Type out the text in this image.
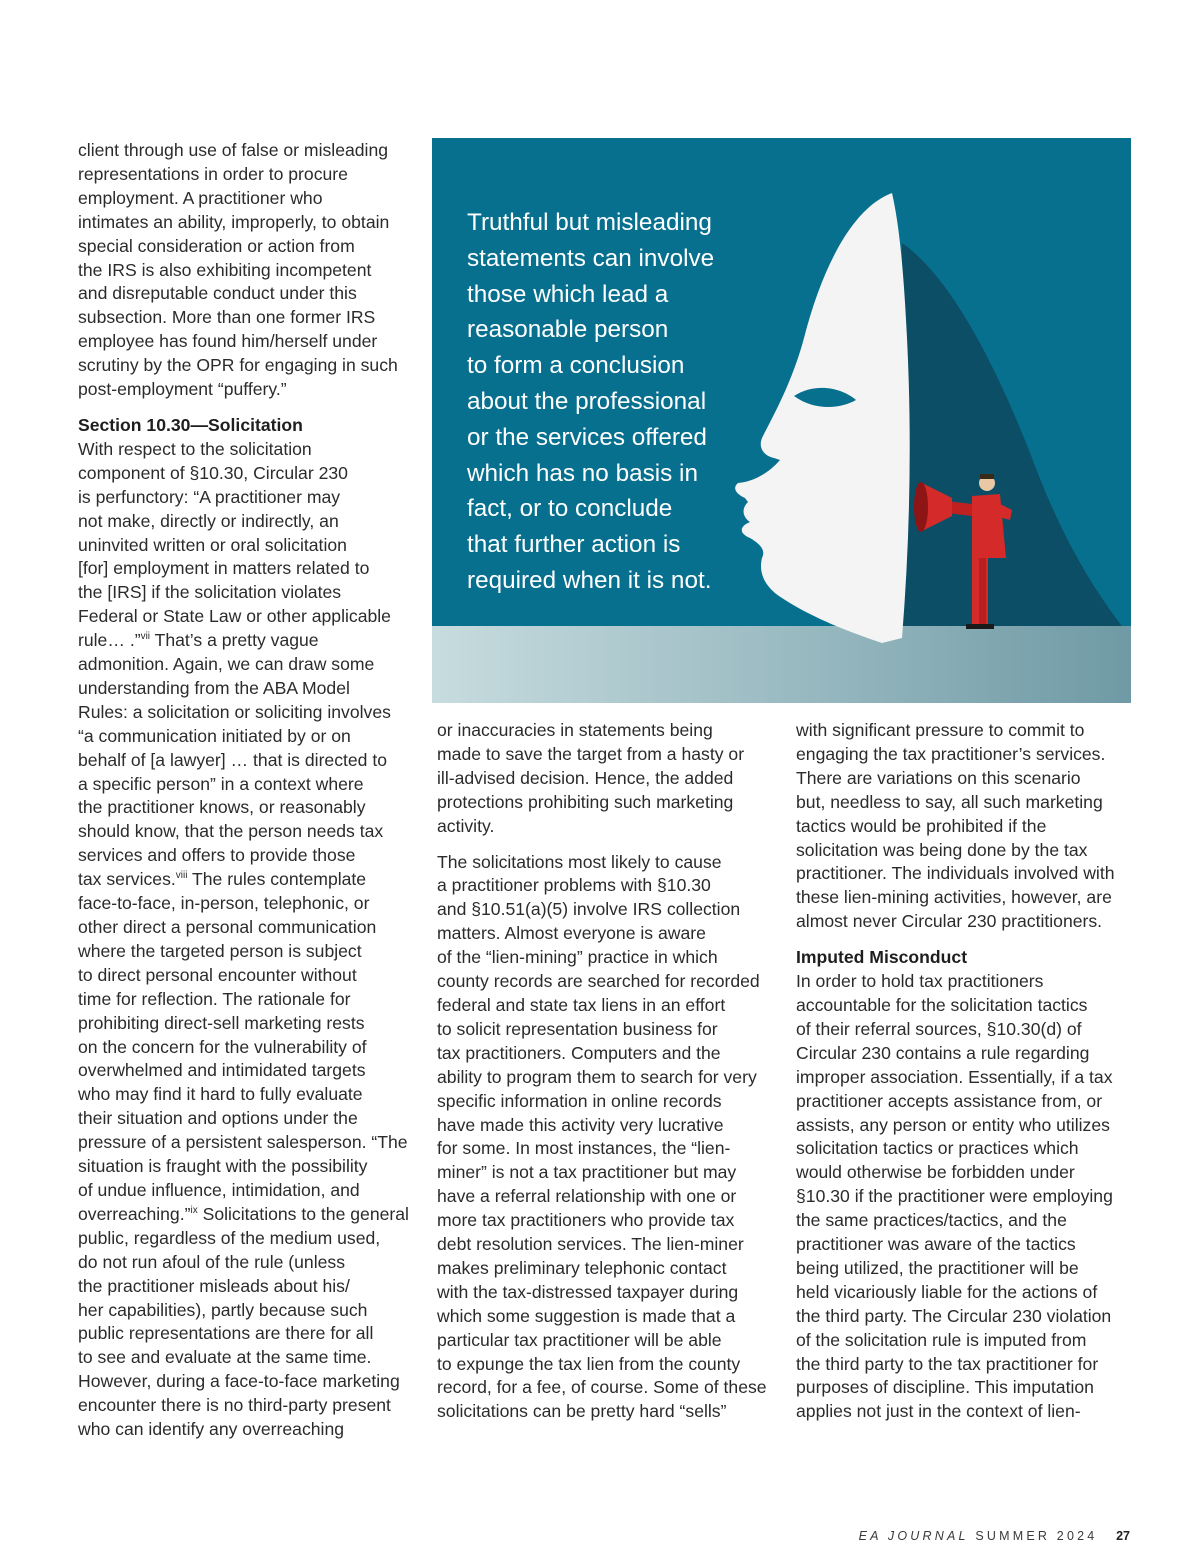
client through use of false or misleading
representations in order to procure
employment. A practitioner who
intimates an ability, improperly, to obtain
special consideration or action from
the IRS is also exhibiting incompetent
and disreputable conduct under this
subsection. More than one former IRS
employee has found him/herself under
scrutiny by the OPR for engaging in such
post-employment “puffery.”

Section 10.30—Solicitation

With respect to the solicitation
component of §10.30, Circular 230
is perfunctory: “A practitioner may
not make, directly or indirectly, an
uninvited written or oral solicitation
[for] employment in matters related to
the [IRS] if the solicitation violates
Federal or State Law or other applicable
rule… .”$^{vii}$ That’s a pretty vague
admonition. Again, we can draw some
understanding from the ABA Model
Rules: a solicitation or soliciting involves
“a communication initiated by or on
behalf of [a lawyer] … that is directed to
a specific person” in a context where
the practitioner knows, or reasonably
should know, that the person needs tax
services and offers to provide those
tax services.$^{viii}$ The rules contemplate
face-to-face, in-person, telephonic, or
other direct a personal communication
where the targeted person is subject
to direct personal encounter without
time for reflection. The rationale for
prohibiting direct-sell marketing rests
on the concern for the vulnerability of
overwhelmed and intimidated targets
who may find it hard to fully evaluate
their situation and options under the
pressure of a persistent salesperson. “The
situation is fraught with the possibility
of undue influence, intimidation, and
overreaching.”$^{ix}$ Solicitations to the general
public, regardless of the medium used,
do not run afoul of the rule (unless
the practitioner misleads about his/
her capabilities), partly because such
public representations are there for all
to see and evaluate at the same time.
However, during a face-to-face marketing
encounter there is no third-party present
who can identify any overreaching

Truthful but misleading
statements can involve
those which lead a
reasonable person
to form a conclusion
about the professional
or the services offered
which has no basis in
fact, or to conclude
that further action is
required when it is not.

or inaccuracies in statements being
made to save the target from a hasty or
ill-advised decision. Hence, the added
protections prohibiting such marketing
activity.

The solicitations most likely to cause
a practitioner problems with §10.30
and §10.51(a)(5) involve IRS collection
matters. Almost everyone is aware
of the “lien-mining” practice in which
county records are searched for recorded
federal and state tax liens in an effort
to solicit representation business for
tax practitioners. Computers and the
ability to program them to search for very
specific information in online records
have made this activity very lucrative
for some. In most instances, the “lien-
miner” is not a tax practitioner but may
have a referral relationship with one or
more tax practitioners who provide tax
debt resolution services. The lien-miner
makes preliminary telephonic contact
with the tax-distressed taxpayer during
which some suggestion is made that a
particular tax practitioner will be able
to expunge the tax lien from the county
record, for a fee, of course. Some of these
solicitations can be pretty hard “sells”

with significant pressure to commit to
engaging the tax practitioner’s services.
There are variations on this scenario
but, needless to say, all such marketing
tactics would be prohibited if the
solicitation was being done by the tax
practitioner. The individuals involved with
these lien-mining activities, however, are
almost never Circular 230 practitioners.

Imputed Misconduct

In order to hold tax practitioners
accountable for the solicitation tactics
of their referral sources, §10.30(d) of
Circular 230 contains a rule regarding
improper association. Essentially, if a tax
practitioner accepts assistance from, or
assists, any person or entity who utilizes
solicitation tactics or practices which
would otherwise be forbidden under
§10.30 if the practitioner were employing
the same practices/tactics, and the
practitioner was aware of the tactics
being utilized, the practitioner will be
held vicariously liable for the actions of
the third party. The Circular 230 violation
of the solicitation rule is imputed from
the third party to the tax practitioner for
purposes of discipline. This imputation
applies not just in the context of lien-

EA JOURNAL SUMMER 2024 27
